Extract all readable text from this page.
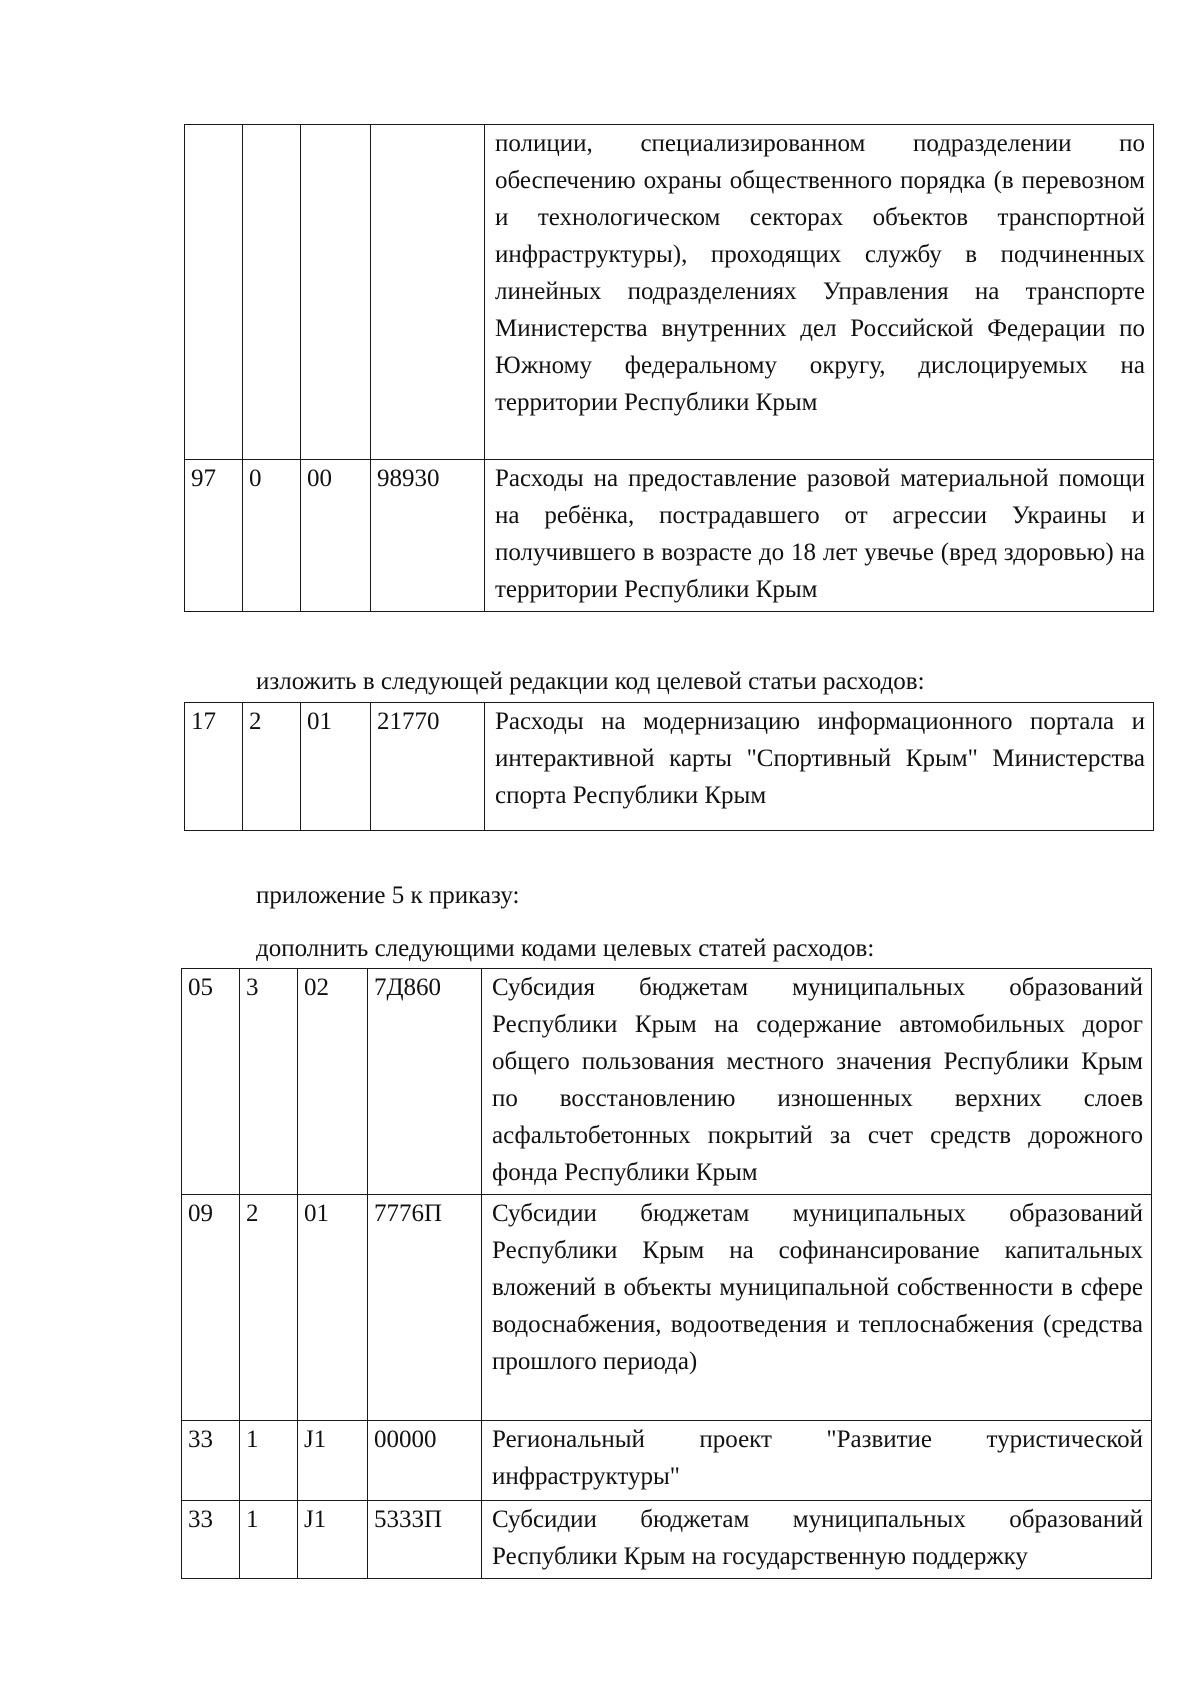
				полиции, специализированном подразделении по обеспечению охраны общественного порядка (в перевозном и технологическом секторах объектов транспортной инфраструктуры), проходящих службу в подчиненных линейных подразделениях Управления на транспорте Министерства внутренних дел Российской Федерации по Южному федеральному округу, дислоцируемых на территории Республики Крым
97	0	00	98930	Расходы на предоставление разовой материальной помощи на ребёнка, пострадавшего от агрессии Украины и получившего в возрасте до 18 лет увечье (вред здоровью) на территории Республики Крым

изложить в следующей редакции код целевой статьи расходов:

17	2	01	21770	Расходы на модернизацию информационного портала и интерактивной карты "Спортивный Крым" Министерства спорта Республики Крым

приложение 5 к приказу:

дополнить следующими кодами целевых статей расходов:

05	3	02	7Д860	Субсидия бюджетам муниципальных образований Республики Крым на содержание автомобильных дорог общего пользования местного значения Республики Крым по восстановлению изношенных верхних слоев асфальтобетонных покрытий за счет средств дорожного фонда Республики Крым
09	2	01	7776П	Субсидии бюджетам муниципальных образований Республики Крым на софинансирование капитальных вложений в объекты муниципальной собственности в сфере водоснабжения, водоотведения и теплоснабжения (средства прошлого периода)
33	1	J1	00000	Региональный проект "Развитие туристической инфраструктуры"
33	1	J1	5333П	Субсидии бюджетам муниципальных образований Республики Крым на государственную поддержку
